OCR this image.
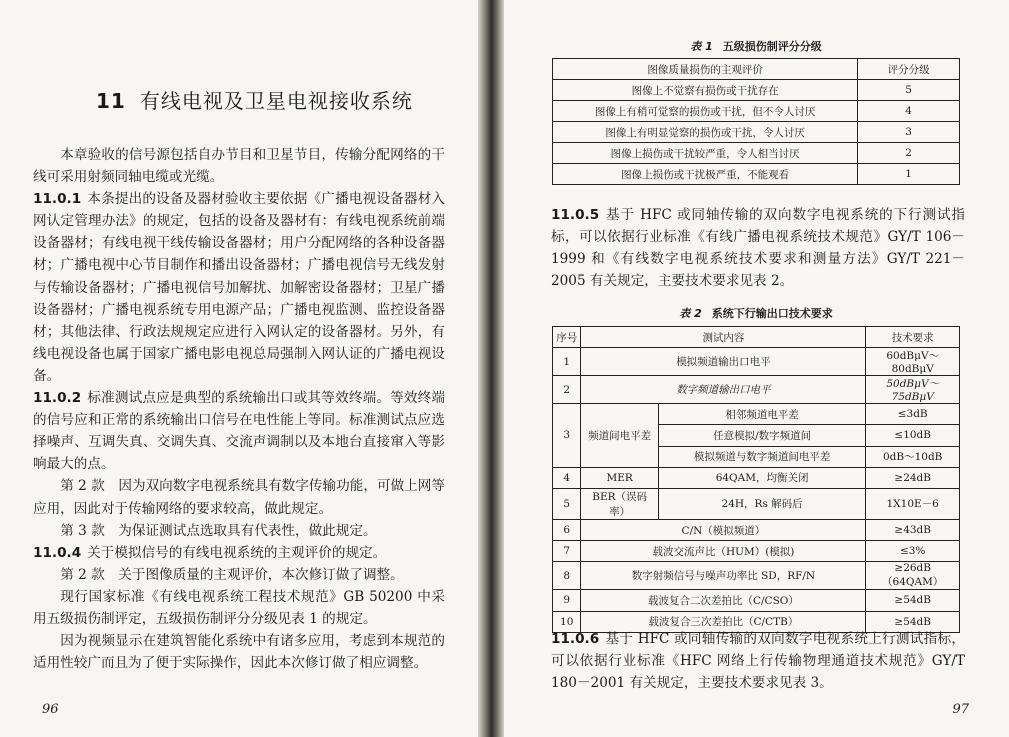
11 有线电视及卫星电视接收系统

本章验收的信号源包括自办节目和卫星节目，传输分配网络的干线可采用射频同轴电缆或光缆。

11.0.1 本条提出的设备及器材验收主要依据《广播电视设备器材入网认定管理办法》的规定，包括的设备及器材有：有线电视系统前端设备器材；有线电视干线传输设备器材；用户分配网络的各种设备器材；广播电视中心节目制作和播出设备器材；广播电视信号无线发射与传输设备器材；广播电视信号加解扰、加解密设备器材；卫星广播设备器材；广播电视系统专用电源产品；广播电视监测、监控设备器材；其他法律、行政法规规定应进行入网认定的设备器材。另外，有线电视设备也属于国家广播电影电视总局强制入网认证的广播电视设备。

11.0.2 标准测试点应是典型的系统输出口或其等效终端。等效终端的信号应和正常的系统输出口信号在电性能上等同。标准测试点应选择噪声、互调失真、交调失真、交流声调制以及本地台直接窜入等影响最大的点。

第 2 款　因为双向数字电视系统具有数字传输功能，可做上网等应用，因此对于传输网络的要求较高，做此规定。

第 3 款　为保证测试点选取具有代表性，做此规定。

11.0.4 关于模拟信号的有线电视系统的主观评价的规定。

第 2 款　关于图像质量的主观评价，本次修订做了调整。

现行国家标准《有线电视系统工程技术规范》GB 50200 中采用五级损伤制评定，五级损伤制评分分级见表 1 的规定。

因为视频显示在建筑智能化系统中有诸多应用，考虑到本规范的适用性较广而且为了便于实际操作，因此本次修订做了相应调整。

96
表 1 五级损伤制评分分级
图像质量损伤的主观评价	评分分级
图像上不觉察有损伤或干扰存在	5
图像上有稍可觉察的损伤或干扰，但不令人讨厌	4
图像上有明显觉察的损伤或干扰，令人讨厌	3
图像上损伤或干扰较严重，令人相当讨厌	2
图像上损伤或干扰极严重，不能观看	1

11.0.5 基于 HFC 或同轴传输的双向数字电视系统的下行测试指标，可以依据行业标准《有线广播电视系统技术规范》GY/T 106－1999 和《有线数字电视系统技术要求和测量方法》GY/T 221－2005 有关规定，主要技术要求见表 2。

表 2 系统下行输出口技术要求
序号	测试内容		技术要求
1	模拟频道输出口电平		60dBμV～80dBμV
2	数字频道输出口电平		50dBμV～75dBμV
3	频道间电平差	相邻频道电平差	≤3dB
		任意模拟/数字频道间	≤10dB
		模拟频道与数字频道间电平差	0dB～10dB
4	MER	64QAM，均衡关闭	≥24dB
5	BER（误码率）	24H，Rs 解码后	1X10E－6
6	C/N（模拟频道）		≥43dB
7	载波交流声比（HUM）(模拟)		≤3%
8	数字射频信号与噪声功率比 SD，RF/N		≥26dB（64QAM）
9	载波复合二次差拍比（C/CSO）		≥54dB
10	载波复合三次差拍比（C/CTB）		≥54dB

11.0.6 基于 HFC 或同轴传输的双向数字电视系统上行测试指标，可以依据行业标准《HFC 网络上行传输物理通道技术规范》GY/T 180－2001 有关规定，主要技术要求见表 3。

97
